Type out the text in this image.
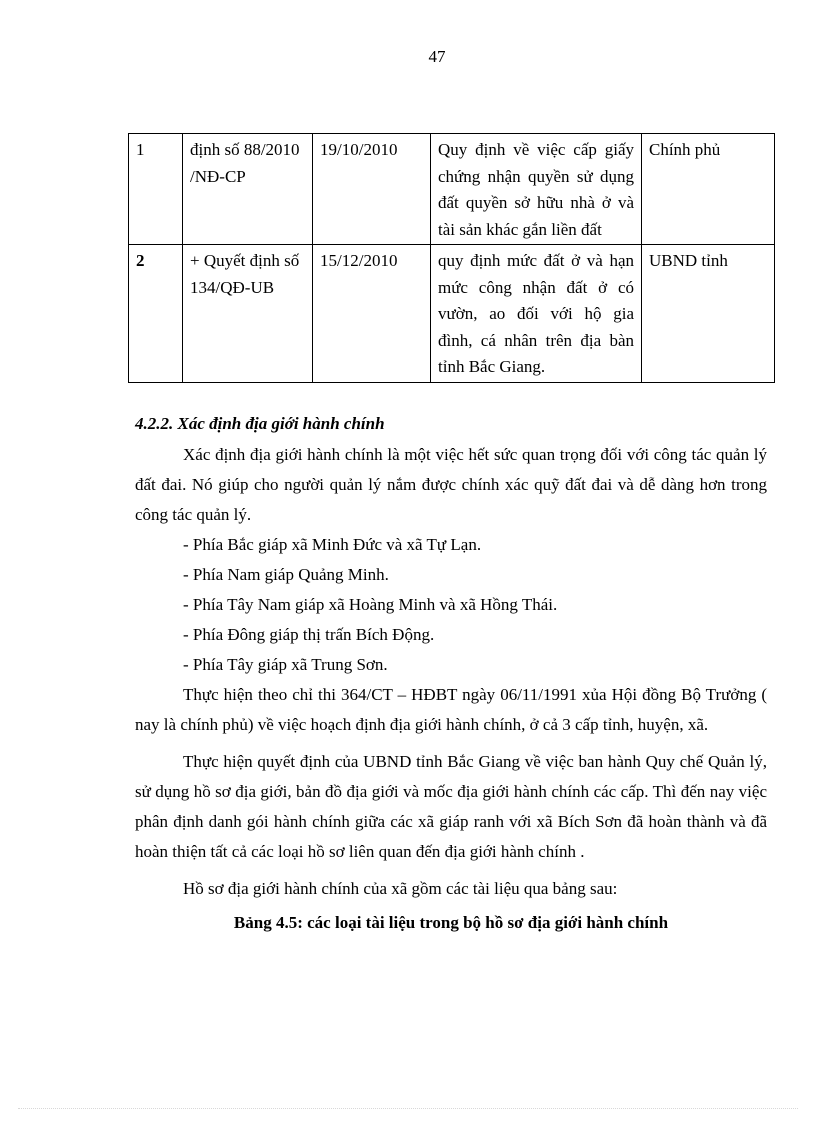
47
1	định số 88/2010 /NĐ-CP	19/10/2010	Quy định về việc cấp giấy chứng nhận quyền sử dụng đất quyền sở hữu nhà ở và tài sản khác gắn liền đất	Chính phủ
2	+ Quyết định số 134/QĐ-UB	15/12/2010	quy định mức đất ở và hạn mức công nhận đất ở có vườn, ao đối với hộ gia đình, cá nhân trên địa bàn tỉnh Bắc Giang.	UBND tỉnh
4.2.2. Xác định địa giới hành chính

Xác định địa giới hành chính là một việc hết sức quan trọng đối với công tác quản lý đất đai. Nó giúp cho người quản lý nắm được chính xác quỹ đất đai và dễ dàng hơn trong công tác quản lý.

- Phía Bắc giáp xã Minh Đức và xã Tự Lạn.

- Phía Nam giáp Quảng Minh.

- Phía Tây Nam giáp xã Hoàng Minh và xã Hồng Thái.

- Phía Đông giáp thị trấn Bích Động.

- Phía Tây giáp xã Trung Sơn.

Thực hiện theo chỉ thi 364/CT – HĐBT ngày 06/11/1991 xủa Hội đồng Bộ Trưởng ( nay là chính phủ) về việc hoạch định địa giới hành chính, ở cả 3 cấp tỉnh, huyện, xã.

Thực hiện quyết định của UBND tỉnh Bắc Giang về việc ban hành Quy chế Quản lý, sử dụng hồ sơ địa giới, bản đồ địa giới và mốc địa giới hành chính các cấp. Thì đến nay việc phân định danh gói hành chính giữa các xã giáp ranh với xã Bích Sơn đã hoàn thành và đã hoàn thiện tất cả các loại hồ sơ liên quan đến địa giới hành chính .

Hồ sơ địa giới hành chính của xã gồm các tài liệu qua bảng sau:

Bảng 4.5: các loại tài liệu trong bộ hồ sơ địa giới hành chính
